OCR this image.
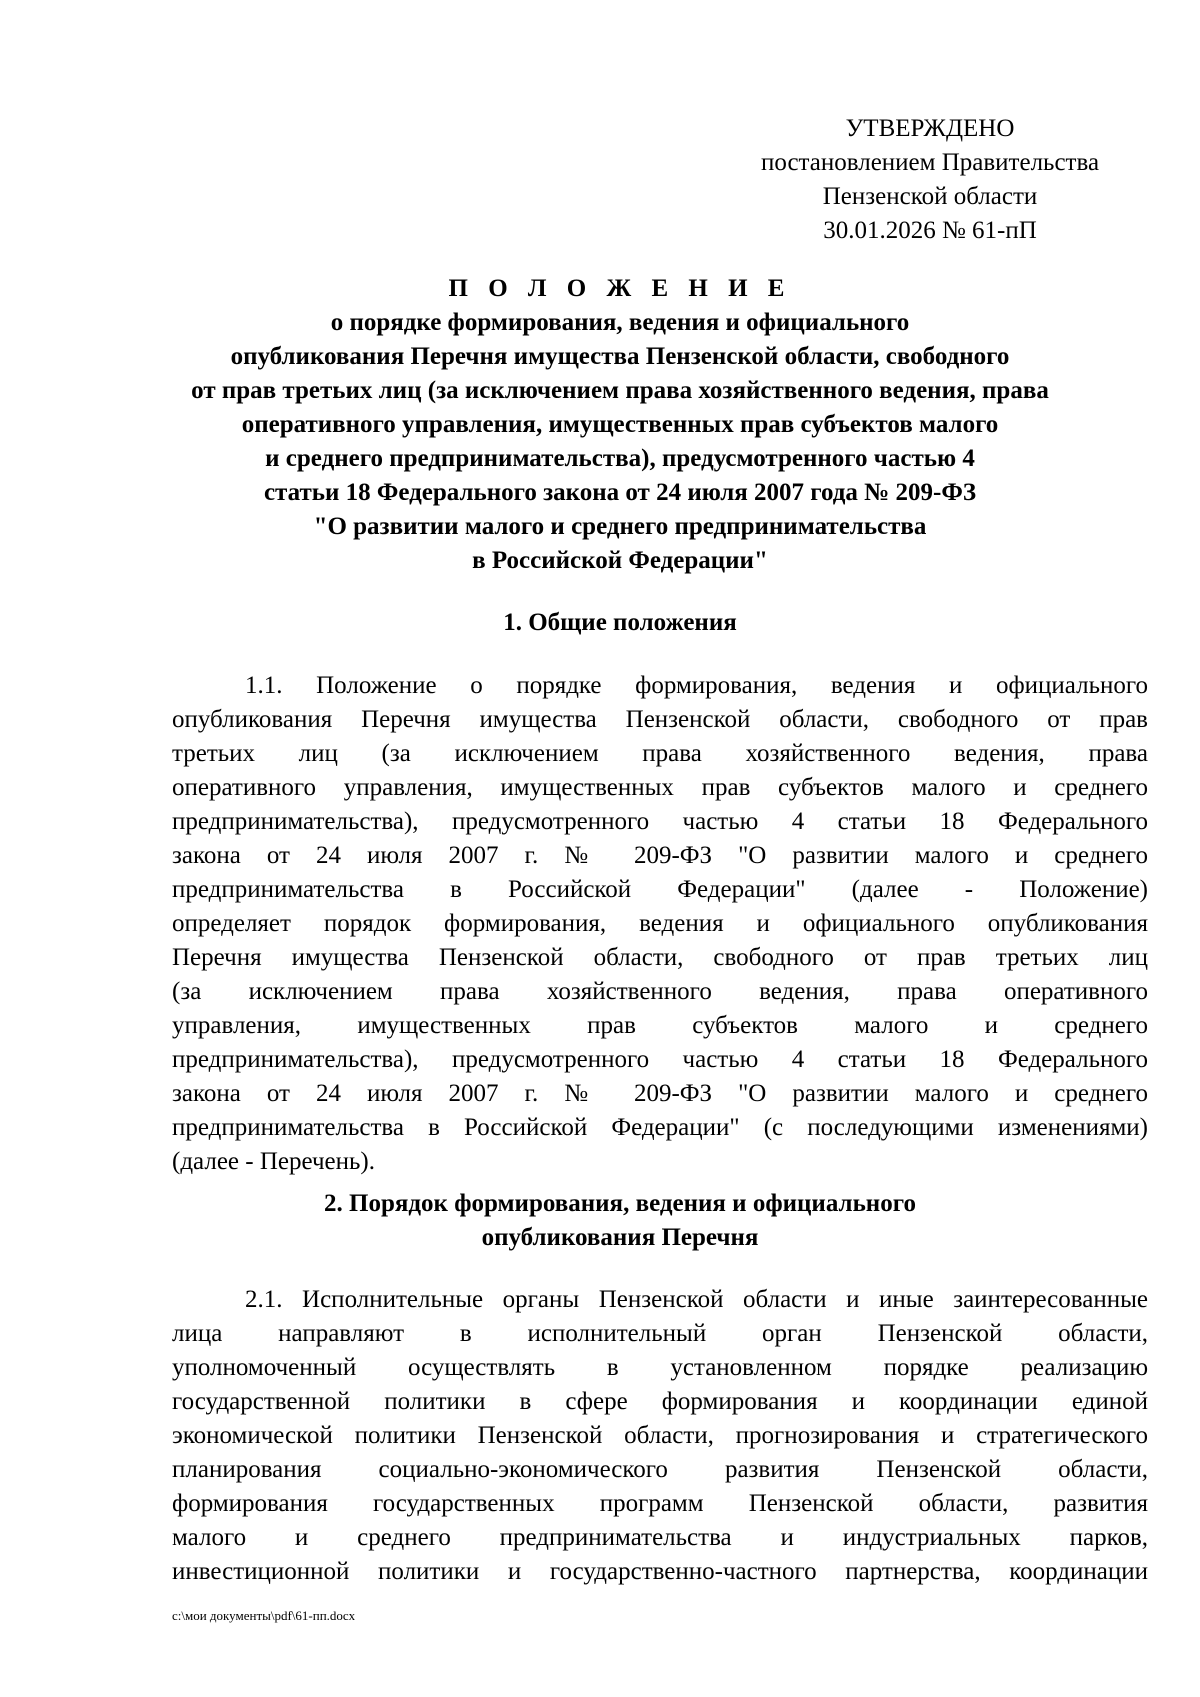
УТВЕРЖДЕНО
постановлением Правительства
Пензенской области
30.01.2026 № 61-пП
П О Л О Ж Е Н И Е
о порядке формирования, ведения и официального
опубликования Перечня имущества Пензенской области, свободного
от прав третьих лиц (за исключением права хозяйственного ведения, права
оперативного управления, имущественных прав субъектов малого
и среднего предпринимательства), предусмотренного частью 4
статьи 18 Федерального закона от 24 июля 2007 года № 209-ФЗ
"О развитии малого и среднего предпринимательства
в Российской Федерации"
1. Общие положения
1.1. Положение о порядке формирования, ведения и официального
опубликования Перечня имущества Пензенской области, свободного от прав
третьих лиц (за исключением права хозяйственного ведения, права
оперативного управления, имущественных прав субъектов малого и среднего
предпринимательства), предусмотренного частью 4 статьи 18 Федерального
закона от 24 июля 2007 г. № 209-ФЗ "О развитии малого и среднего
предпринимательства в Российской Федерации" (далее - Положение)
определяет порядок формирования, ведения и официального опубликования
Перечня имущества Пензенской области, свободного от прав третьих лиц
(за исключением права хозяйственного ведения, права оперативного
управления, имущественных прав субъектов малого и среднего
предпринимательства), предусмотренного частью 4 статьи 18 Федерального
закона от 24 июля 2007 г. № 209-ФЗ "О развитии малого и среднего
предпринимательства в Российской Федерации" (с последующими изменениями)
(далее - Перечень).
2. Порядок формирования, ведения и официального
опубликования Перечня
2.1. Исполнительные органы Пензенской области и иные заинтересованные
лица направляют в исполнительный орган Пензенской области,
уполномоченный осуществлять в установленном порядке реализацию
государственной политики в сфере формирования и координации единой
экономической политики Пензенской области, прогнозирования и стратегического
планирования социально-экономического развития Пензенской области,
формирования государственных программ Пензенской области, развития
малого и среднего предпринимательства и индустриальных парков,
инвестиционной политики и государственно-частного партнерства, координации
c:\мои документы\pdf\61-пп.docx
